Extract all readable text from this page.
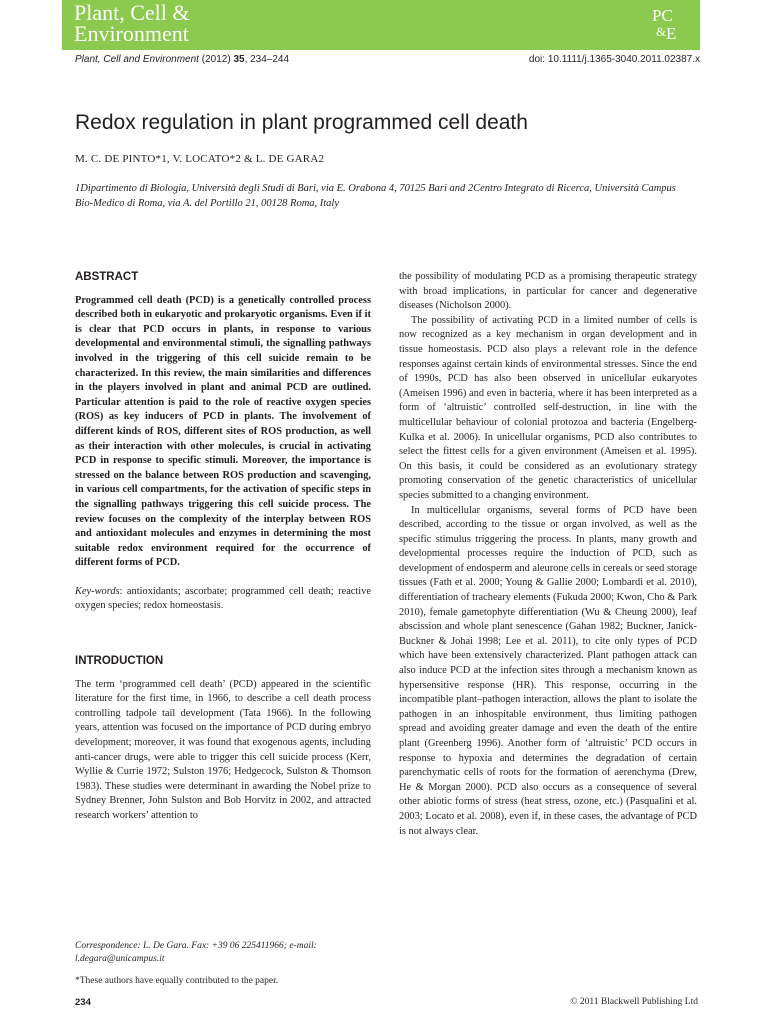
Plant, Cell &
Environment
PC
& E
Plant, Cell and Environment (2012) 35, 234–244	doi: 10.1111/j.1365-3040.2011.02387.x
Redox regulation in plant programmed cell death
M. C. DE PINTO*1, V. LOCATO*2 & L. DE GARA2
1Dipartimento di Biologia, Università degli Studi di Bari, via E. Orabona 4, 70125 Bari and 2Centro Integrato di Ricerca, Università Campus Bio-Medico di Roma, via A. del Portillo 21, 00128 Roma, Italy
ABSTRACT

Programmed cell death (PCD) is a genetically controlled process described both in eukaryotic and prokaryotic organisms. Even if it is clear that PCD occurs in plants, in response to various developmental and environmental stimuli, the signalling pathways involved in the triggering of this cell suicide remain to be characterized. In this review, the main similarities and differences in the players involved in plant and animal PCD are outlined. Particular attention is paid to the role of reactive oxygen species (ROS) as key inducers of PCD in plants. The involvement of different kinds of ROS, different sites of ROS production, as well as their interaction with other molecules, is crucial in activating PCD in response to specific stimuli. Moreover, the importance is stressed on the balance between ROS production and scavenging, in various cell compartments, for the activation of specific steps in the signalling pathways triggering this cell suicide process. The review focuses on the complexity of the interplay between ROS and antioxidant molecules and enzymes in determining the most suitable redox environment required for the occurrence of different forms of PCD.

Key-words: antioxidants; ascorbate; programmed cell death; reactive oxygen species; redox homeostasis.

INTRODUCTION

The term ‘programmed cell death’ (PCD) appeared in the scientific literature for the first time, in 1966, to describe a cell death process controlling tadpole tail development (Tata 1966). In the following years, attention was focused on the importance of PCD during embryo development; moreover, it was found that exogenous agents, including anti-cancer drugs, were able to trigger this cell suicide process (Kerr, Wyllie & Currie 1972; Sulston 1976; Hedgecock, Sulston & Thomson 1983). These studies were determinant in awarding the Nobel prize to Sydney Brenner, John Sulston and Bob Horvitz in 2002, and attracted research workers’ attention to

Correspondence: L. De Gara. Fax: +39 06 225411966; e-mail: l.degara@unicampus.it
*These authors have equally contributed to the paper.

the possibility of modulating PCD as a promising therapeutic strategy with broad implications, in particular for cancer and degenerative diseases (Nicholson 2000).

The possibility of activating PCD in a limited number of cells is now recognized as a key mechanism in organ development and in tissue homeostasis. PCD also plays a relevant role in the defence responses against certain kinds of environmental stresses. Since the end of 1990s, PCD has also been observed in unicellular eukaryotes (Ameisen 1996) and even in bacteria, where it has been interpreted as a form of ‘altruistic’ controlled self-destruction, in line with the multicellular behaviour of colonial protozoa and bacteria (Engelberg-Kulka et al. 2006). In unicellular organisms, PCD also contributes to select the fittest cells for a given environment (Ameisen et al. 1995). On this basis, it could be considered as an evolutionary strategy promoting conservation of the genetic characteristics of unicellular species submitted to a changing environment.

In multicellular organisms, several forms of PCD have been described, according to the tissue or organ involved, as well as the specific stimulus triggering the process. In plants, many growth and developmental processes require the induction of PCD, such as development of endosperm and aleurone cells in cereals or seed storage tissues (Fath et al. 2000; Young & Gallie 2000; Lombardi et al. 2010), differentiation of tracheary elements (Fukuda 2000; Kwon, Cho & Park 2010), female gametophyte differentiation (Wu & Cheung 2000), leaf abscission and whole plant senescence (Gahan 1982; Buckner, Janick-Buckner & Johai 1998; Lee et al. 2011), to cite only types of PCD which have been extensively characterized. Plant pathogen attack can also induce PCD at the infection sites through a mechanism known as hypersensitive response (HR). This response, occurring in the incompatible plant–pathogen interaction, allows the plant to isolate the pathogen in an inhospitable environment, thus limiting pathogen spread and avoiding greater damage and even the death of the entire plant (Greenberg 1996). Another form of ‘altruistic’ PCD occurs in response to hypoxia and determines the degradation of certain parenchymatic cells of roots for the formation of aerenchyma (Drew, He & Morgan 2000). PCD also occurs as a consequence of several other abiotic forms of stress (heat stress, ozone, etc.) (Pasqualini et al. 2003; Locato et al. 2008), even if, in these cases, the advantage of PCD is not always clear.

234	© 2011 Blackwell Publishing Ltd
